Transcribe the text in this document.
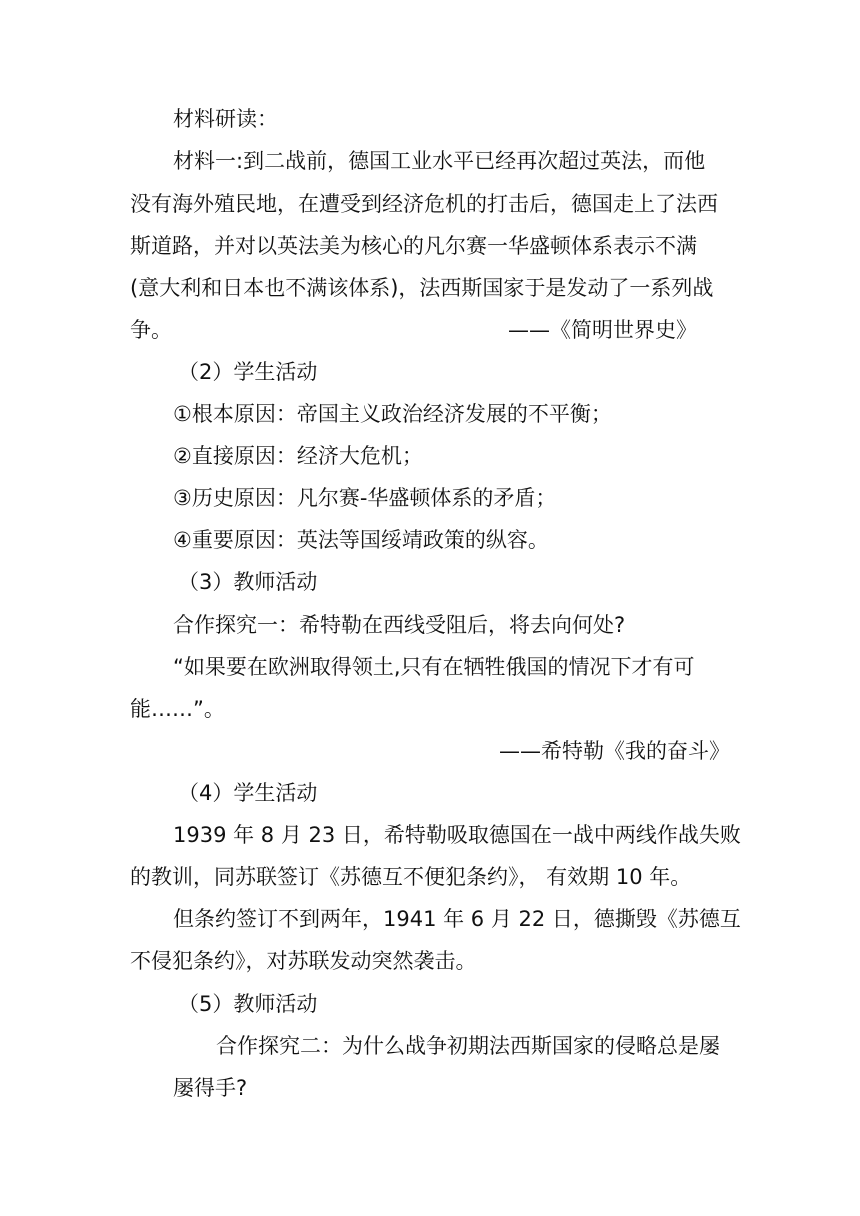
材料研读：
材料一:到二战前，德国工业水平已经再次超过英法，而他
没有海外殖民地，在遭受到经济危机的打击后，德国走上了法西
斯道路，并对以英法美为核心的凡尔赛一华盛顿体系表示不满
(意大利和日本也不满该体系)，法西斯国家于是发动了一系列战
争。	——《简明世界史》
（2）学生活动
①根本原因：帝国主义政治经济发展的不平衡；
②直接原因：经济大危机；
③历史原因：凡尔赛-华盛顿体系的矛盾；
④重要原因：英法等国绥靖政策的纵容。
（3）教师活动
合作探究一：希特勒在西线受阻后，将去向何处?
“如果要在欧洲取得领土,只有在牺牲俄国的情况下才有可
能……”。
——希特勒《我的奋斗》
（4）学生活动
1939 年 8 月 23 日，希特勒吸取德国在一战中两线作战失败
的教训，同苏联签订《苏德互不便犯条约》， 有效期 10 年。
但条约签订不到两年，1941 年 6 月 22 日，德撕毁《苏德互
不侵犯条约》，对苏联发动突然袭击。
（5）教师活动
合作探究二：为什么战争初期法西斯国家的侵略总是屡
屡得手?
